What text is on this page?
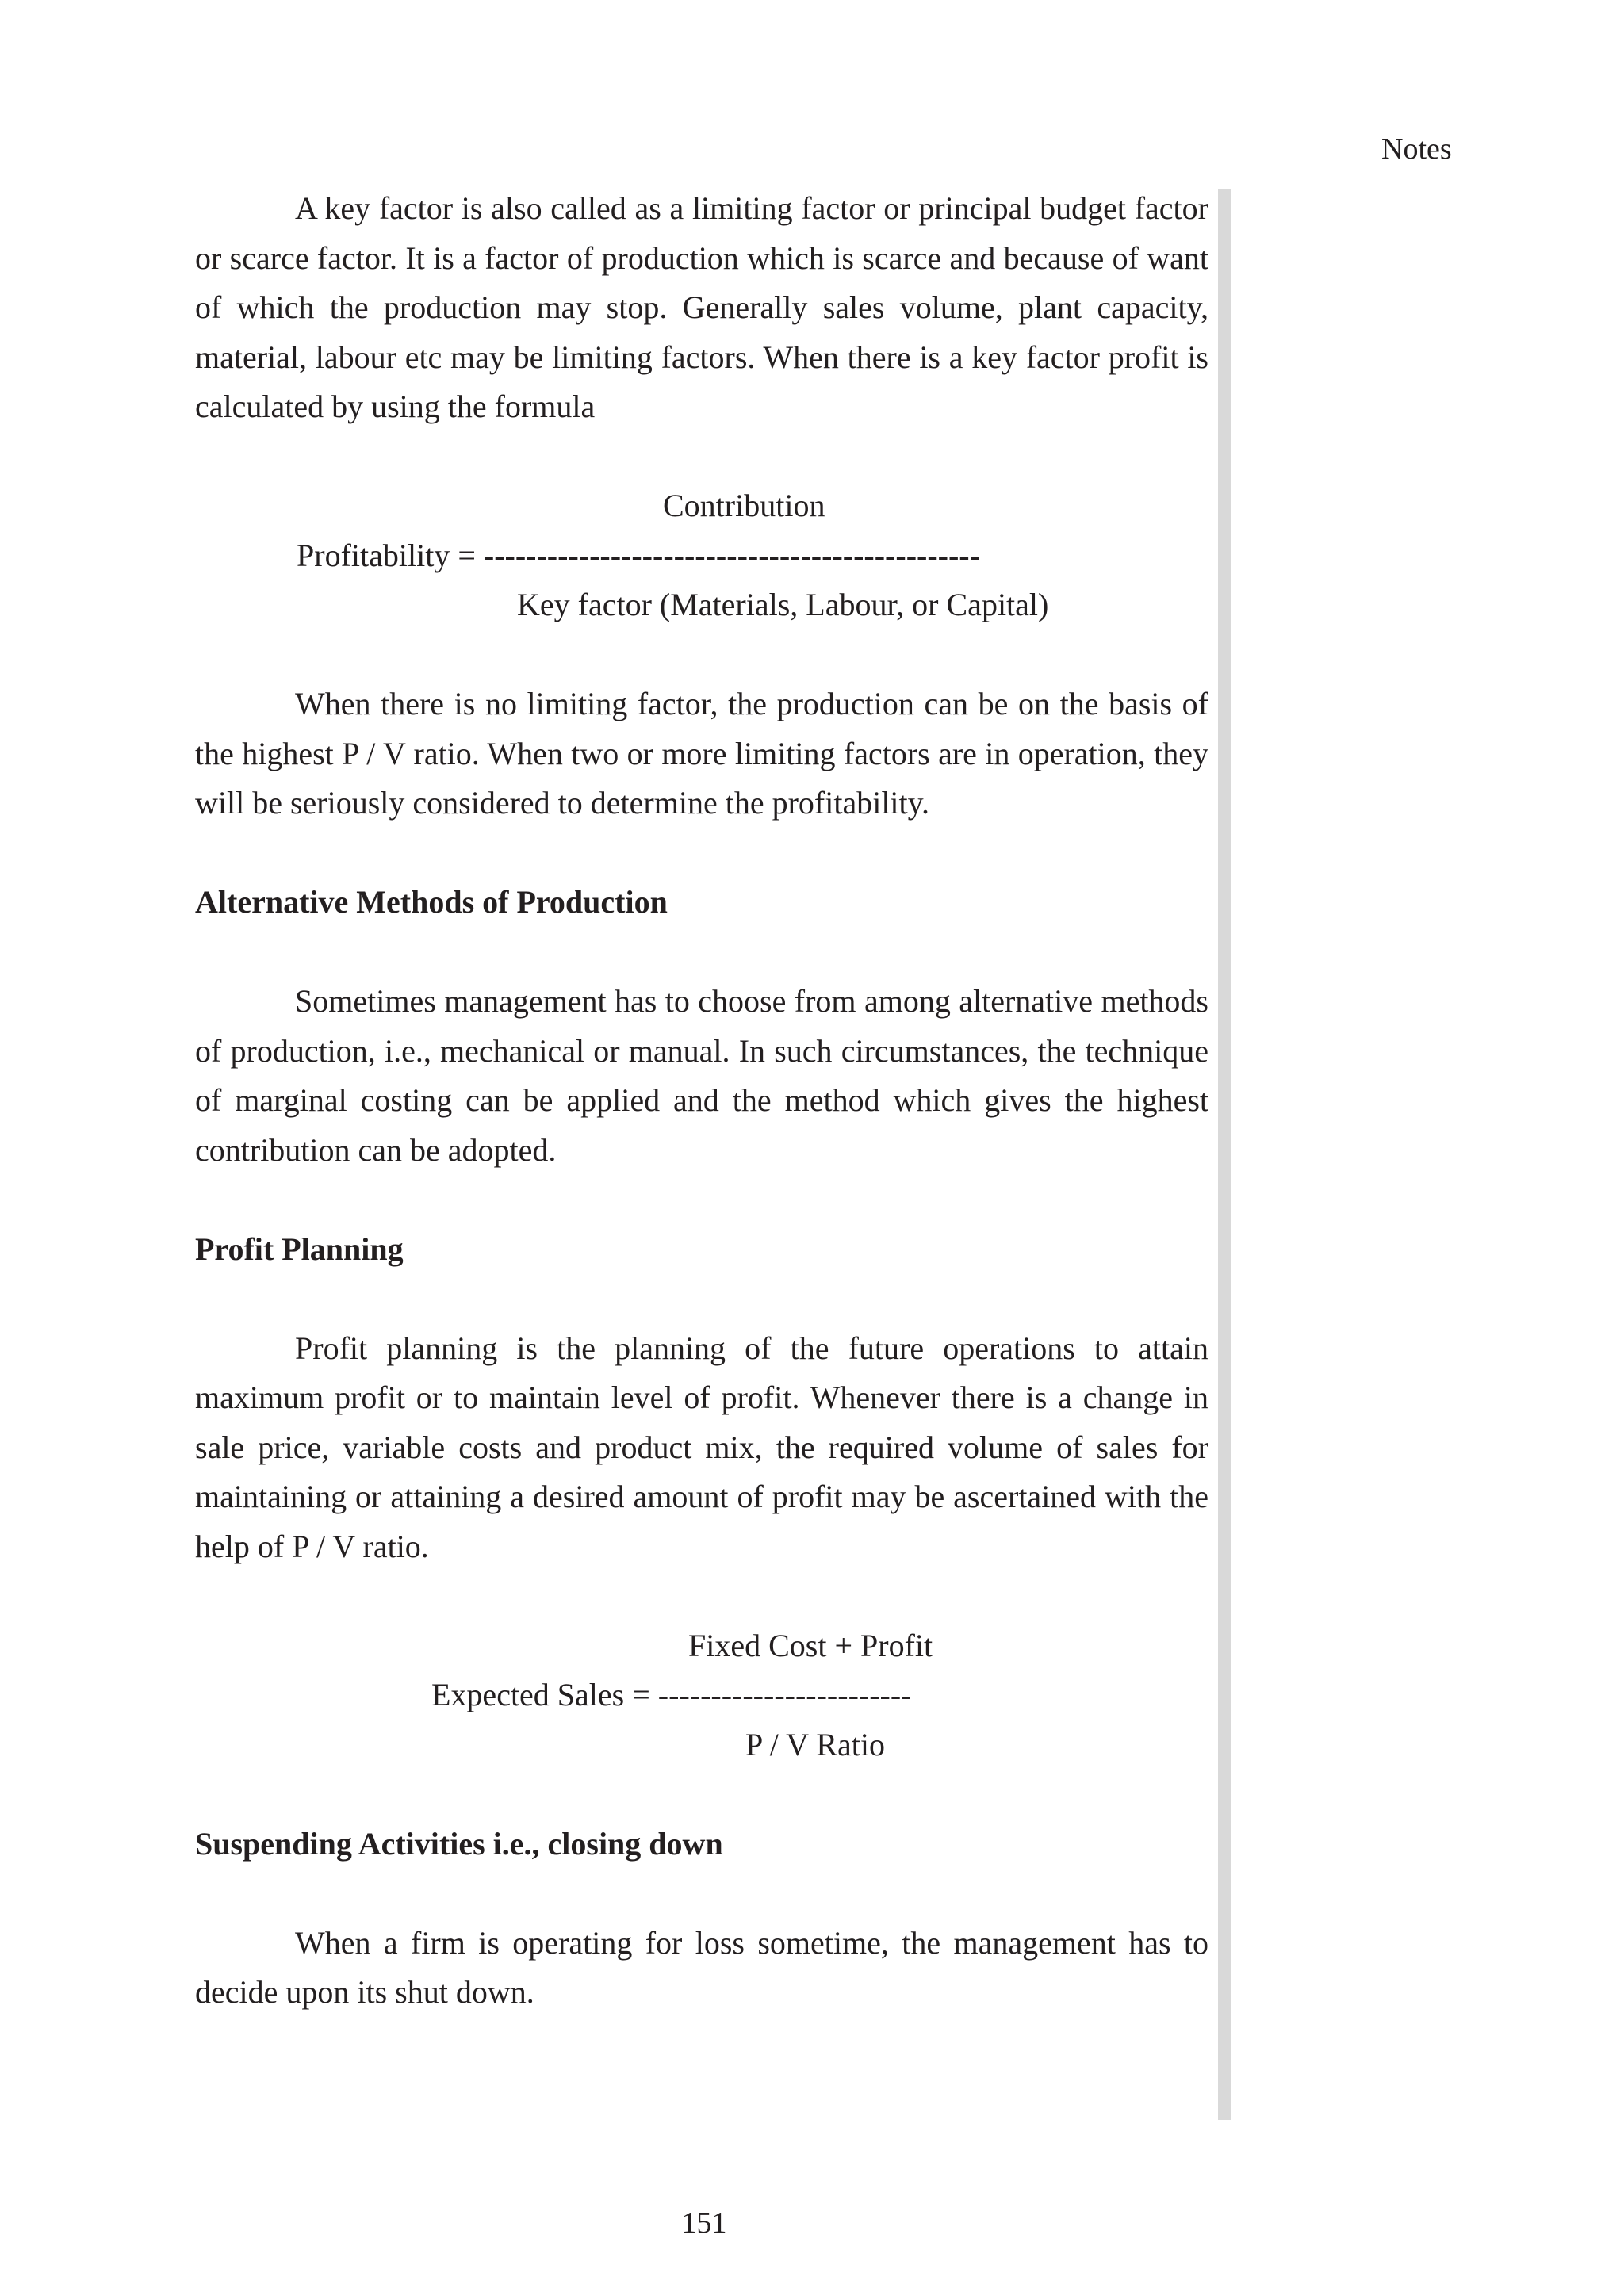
Notes

A key factor is also called as a limiting factor or principal budget factor or scarce factor. It is a factor of production which is scarce and because of want of which the production may stop. Generally sales volume, plant capacity, material, labour etc may be limiting factors. When there is a key factor profit is calculated by using the formula

Contribution
Profitability = -----------------------------------------------
Key factor (Materials, Labour, or Capital)

When there is no limiting factor, the production can be on the basis of the highest P / V ratio. When two or more limiting factors are in operation, they will be seriously considered to determine the profitability.

Alternative Methods of Production

Sometimes management has to choose from among alternative methods of production, i.e., mechanical or manual. In such circumstances, the technique of marginal costing can be applied and the method which gives the highest contribution can be adopted.

Profit Planning

Profit planning is the planning of the future operations to attain maximum profit or to maintain level of profit. Whenever there is a change in sale price, variable costs and product mix, the required volume of sales for maintaining or attaining a desired amount of profit may be ascertained with the help of P / V ratio.

Fixed Cost + Profit
Expected Sales = ------------------------
P / V Ratio

Suspending Activities i.e., closing down

When a firm is operating for loss sometime, the management has to decide upon its shut down.

151
